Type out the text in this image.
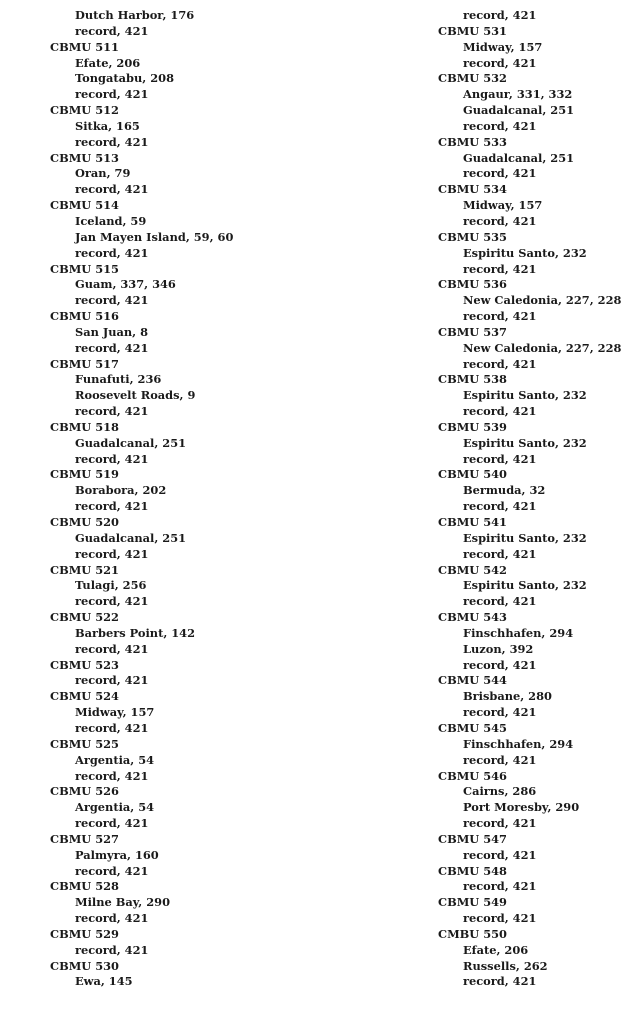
Dutch Harbor, 176
record, 421
CBMU 511
Efate, 206
Tongatabu, 208
record, 421
CBMU 512
Sitka, 165
record, 421
CBMU 513
Oran, 79
record, 421
CBMU 514
Iceland, 59
Jan Mayen Island, 59, 60
record, 421
CBMU 515
Guam, 337, 346
record, 421
CBMU 516
San Juan, 8
record, 421
CBMU 517
Funafuti, 236
Roosevelt Roads, 9
record, 421
CBMU 518
Guadalcanal, 251
record, 421
CBMU 519
Borabora, 202
record, 421
CBMU 520
Guadalcanal, 251
record, 421
CBMU 521
Tulagi, 256
record, 421
CBMU 522
Barbers Point, 142
record, 421
CBMU 523
record, 421
CBMU 524
Midway, 157
record, 421
CBMU 525
Argentia, 54
record, 421
CBMU 526
Argentia, 54
record, 421
CBMU 527
Palmyra, 160
record, 421
CBMU 528
Milne Bay, 290
record, 421
CBMU 529
record, 421
CBMU 530
Ewa, 145
record, 421
CBMU 531
Midway, 157
record, 421
CBMU 532
Angaur, 331, 332
Guadalcanal, 251
record, 421
CBMU 533
Guadalcanal, 251
record, 421
CBMU 534
Midway, 157
record, 421
CBMU 535
Espiritu Santo, 232
record, 421
CBMU 536
New Caledonia, 227, 228
record, 421
CBMU 537
New Caledonia, 227, 228
record, 421
CBMU 538
Espiritu Santo, 232
record, 421
CBMU 539
Espiritu Santo, 232
record, 421
CBMU 540
Bermuda, 32
record, 421
CBMU 541
Espiritu Santo, 232
record, 421
CBMU 542
Espiritu Santo, 232
record, 421
CBMU 543
Finschhafen, 294
Luzon, 392
record, 421
CBMU 544
Brisbane, 280
record, 421
CBMU 545
Finschhafen, 294
record, 421
CBMU 546
Cairns, 286
Port Moresby, 290
record, 421
CBMU 547
record, 421
CBMU 548
record, 421
CBMU 549
record, 421
CMBU 550
Efate, 206
Russells, 262
record, 421
